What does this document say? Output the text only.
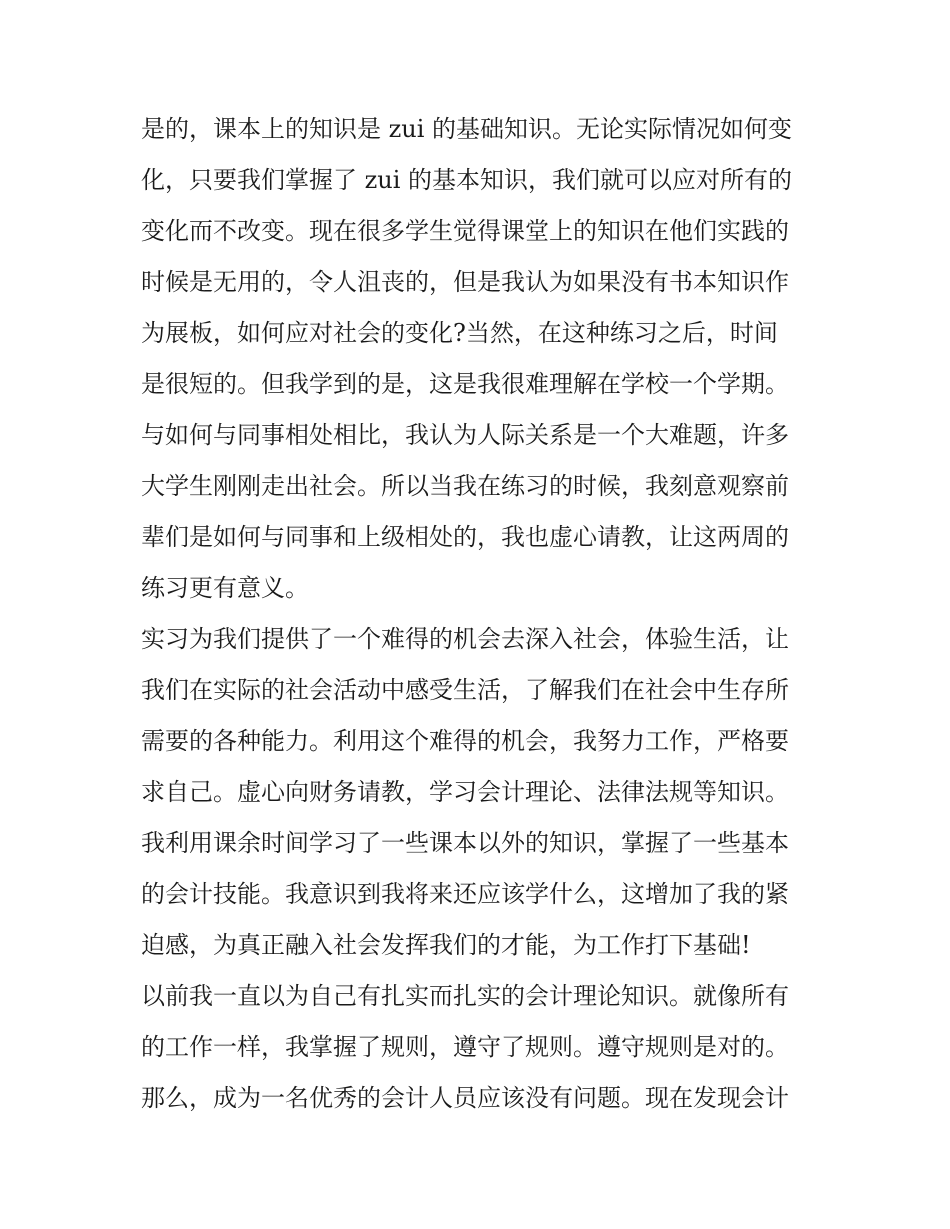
是的，课本上的知识是 zui 的基础知识。无论实际情况如何变
化，只要我们掌握了 zui 的基本知识，我们就可以应对所有的
变化而不改变。现在很多学生觉得课堂上的知识在他们实践的
时候是无用的，令人沮丧的，但是我认为如果没有书本知识作
为展板，如何应对社会的变化?当然，在这种练习之后，时间
是很短的。但我学到的是，这是我很难理解在学校一个学期。
与如何与同事相处相比，我认为人际关系是一个大难题，许多
大学生刚刚走出社会。所以当我在练习的时候，我刻意观察前
辈们是如何与同事和上级相处的，我也虚心请教，让这两周的
练习更有意义。
实习为我们提供了一个难得的机会去深入社会，体验生活，让
我们在实际的社会活动中感受生活，了解我们在社会中生存所
需要的各种能力。利用这个难得的机会，我努力工作，严格要
求自己。虚心向财务请教，学习会计理论、法律法规等知识。
我利用课余时间学习了一些课本以外的知识，掌握了一些基本
的会计技能。我意识到我将来还应该学什么，这增加了我的紧
迫感，为真正融入社会发挥我们的才能，为工作打下基础!
以前我一直以为自己有扎实而扎实的会计理论知识。就像所有
的工作一样，我掌握了规则，遵守了规则。遵守规则是对的。
那么，成为一名优秀的会计人员应该没有问题。现在发现会计
